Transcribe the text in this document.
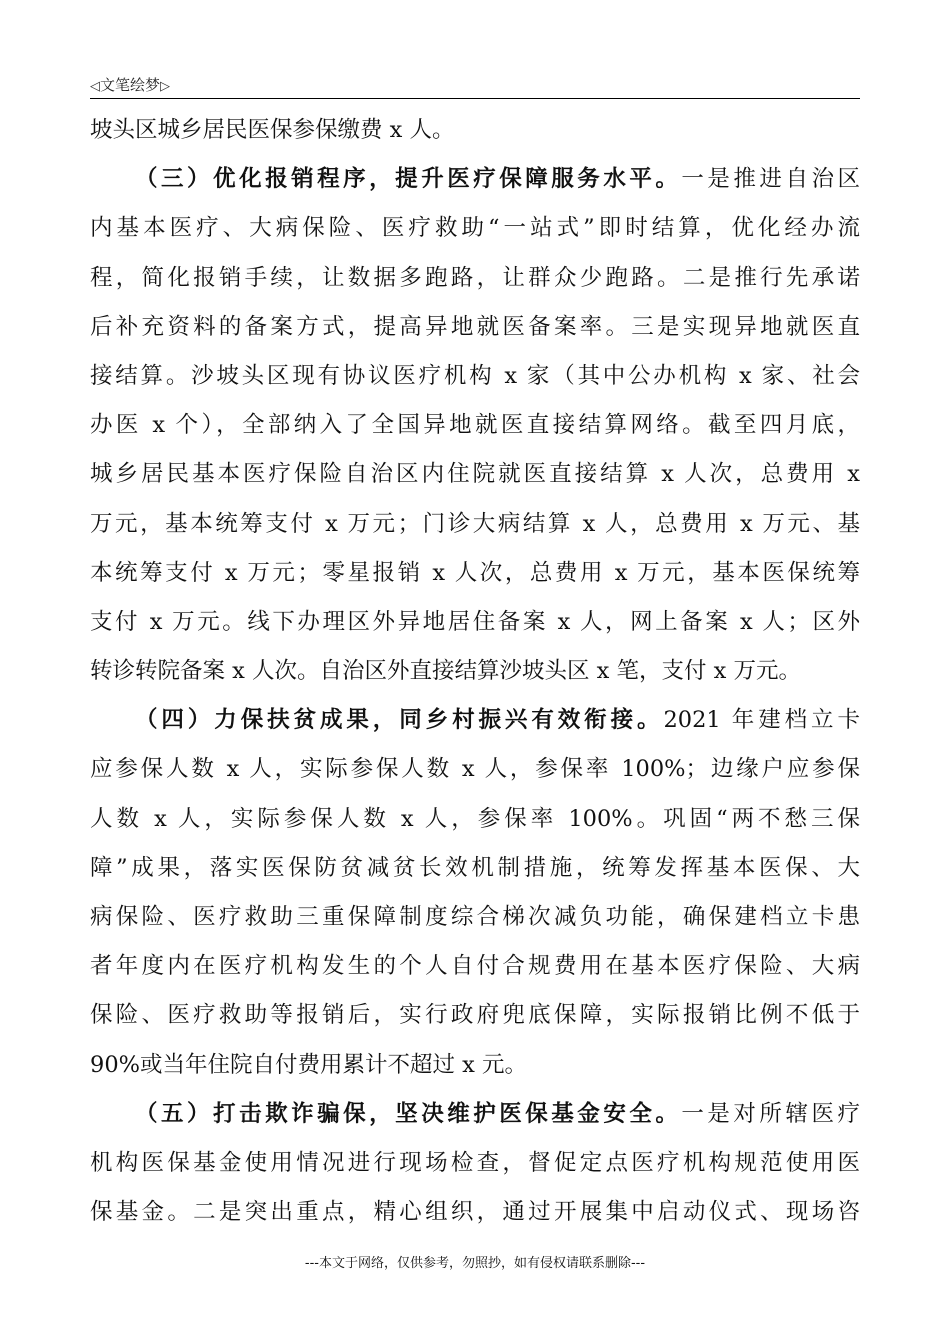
◁文笔绘梦▷
坡头区城乡居民医保参保缴费 x 人。
（三）优化报销程序，提升医疗保障服务水平。一是推进自治区
内基本医疗、大病保险、医疗救助“一站式”即时结算，优化经办流
程，简化报销手续，让数据多跑路，让群众少跑路。二是推行先承诺
后补充资料的备案方式，提高异地就医备案率。三是实现异地就医直
接结算。沙坡头区现有协议医疗机构 x 家（其中公办机构 x 家、社会
办医 x 个），全部纳入了全国异地就医直接结算网络。截至四月底，
城乡居民基本医疗保险自治区内住院就医直接结算 x 人次，总费用 x
万元，基本统筹支付 x 万元；门诊大病结算 x 人，总费用 x 万元、基
本统筹支付 x 万元；零星报销 x 人次，总费用 x 万元，基本医保统筹
支付 x 万元。线下办理区外异地居住备案 x 人，网上备案 x 人；区外
转诊转院备案 x 人次。自治区外直接结算沙坡头区 x 笔，支付 x 万元。
（四）力保扶贫成果，同乡村振兴有效衔接。2021 年建档立卡
应参保人数 x 人，实际参保人数 x 人，参保率 100%；边缘户应参保
人数 x 人，实际参保人数 x 人，参保率 100%。巩固“两不愁三保
障”成果，落实医保防贫减贫长效机制措施，统筹发挥基本医保、大
病保险、医疗救助三重保障制度综合梯次减负功能，确保建档立卡患
者年度内在医疗机构发生的个人自付合规费用在基本医疗保险、大病
保险、医疗救助等报销后，实行政府兜底保障，实际报销比例不低于
90%或当年住院自付费用累计不超过 x 元。
（五）打击欺诈骗保，坚决维护医保基金安全。一是对所辖医疗
机构医保基金使用情况进行现场检查，督促定点医疗机构规范使用医
保基金。二是突出重点，精心组织，通过开展集中启动仪式、现场咨
---本文于网络，仅供参考，勿照抄，如有侵权请联系删除---
